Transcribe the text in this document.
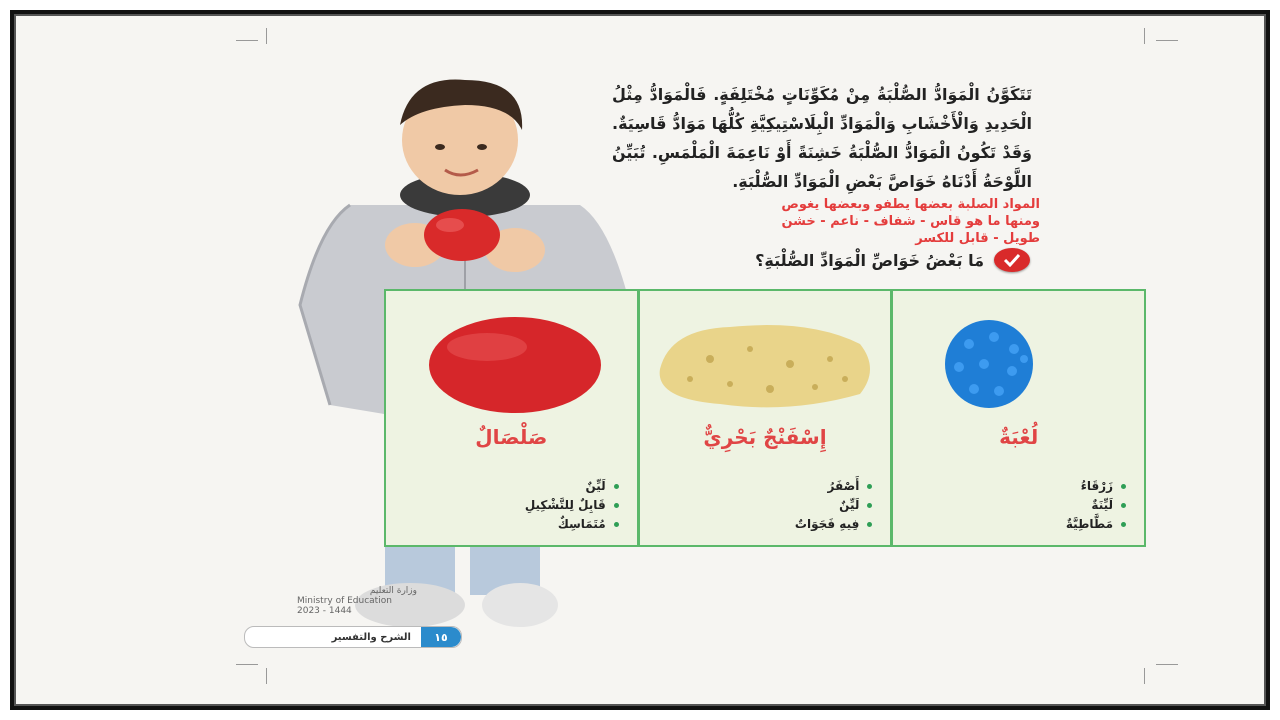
تَتَكَوَّنُ الْمَوَادُّ الصُّلْبَةُ مِنْ مُكَوِّنَاتٍ مُخْتَلِفَةٍ. فَالْمَوَادُّ مِثْلُ الْحَدِيدِ وَالْأَخْشَابِ وَالْمَوَادِّ الْبِلَاسْتِيكِيَّةِ كُلُّهَا مَوَادُّ قَاسِيَةٌ. وَقَدْ تَكُونُ الْمَوَادُّ الصُّلْبَةُ خَشِنَةً أَوْ نَاعِمَةَ الْمَلْمَسِ. تُبَيِّنُ اللَّوْحَةُ أَدْنَاهُ خَوَاصَّ بَعْضِ الْمَوَادِّ الصُّلْبَةِ.
المواد الصلبة بعضها يطفو وبعضها يغوص
ومنها ما هو قاس - شفاف - ناعم - خشن
طويل - قابل للكسر
مَا بَعْضُ خَوَاصِّ الْمَوَادِّ الصُّلْبَةِ؟
صَلْصَالٌ
لَيِّنٌ
قَابِلٌ لِلتَّشْكِيلِ
مُتَمَاسِكٌ
إِسْفَنْجٌ بَحْرِيٌّ
أَصْفَرُ
لَيِّنٌ
فِيهِ فَجَوَاتٌ
لُعْبَةٌ
زَرْقَاءُ
لَيِّنَةٌ
مَطَّاطِيَّةٌ
وزارة التعليم
Ministry of Education
2023 - 1444
١٥
الشرح والتفسير
